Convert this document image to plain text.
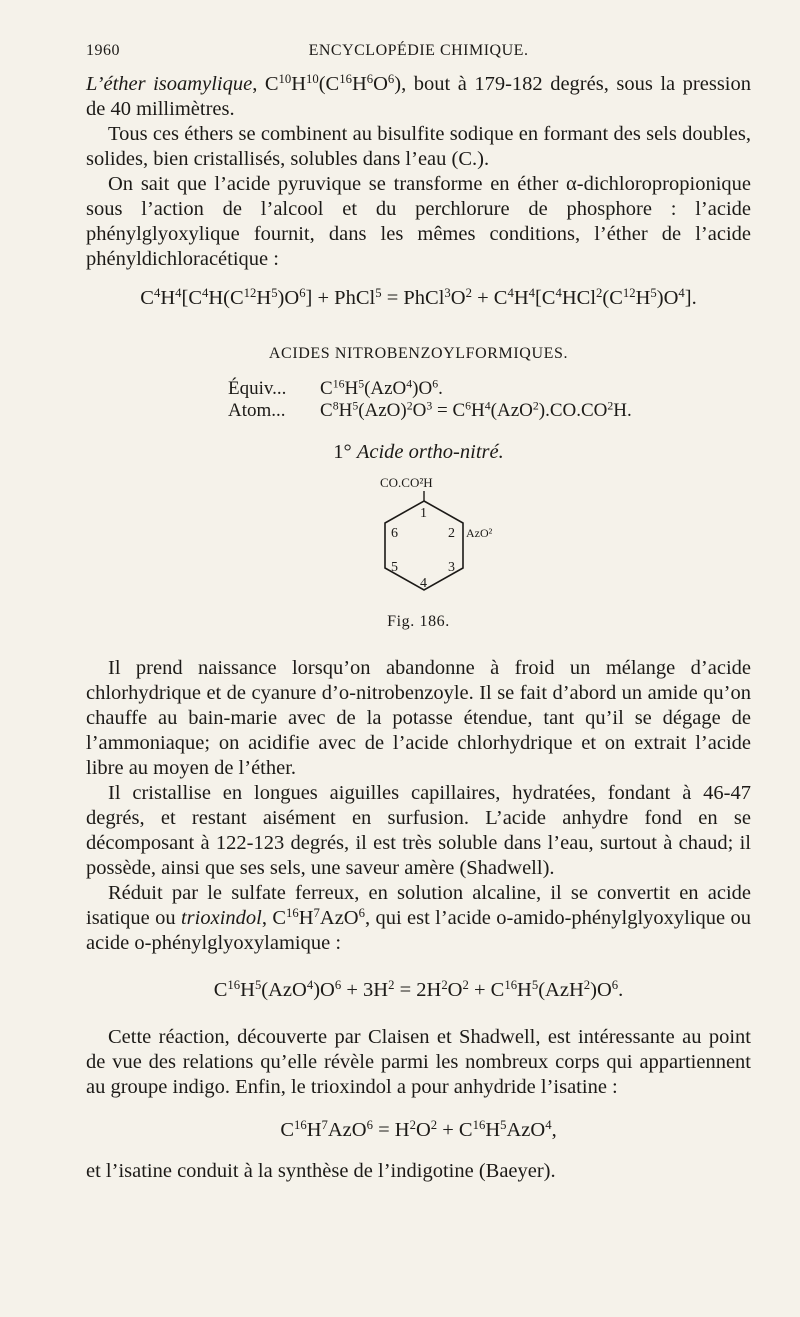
1960	ENCYCLOPÉDIE CHIMIQUE.

L’éther isoamylique, $C^{10}H^{10}(C^{16}H^6O^6)$, bout à 179-182 degrés, sous la pression de 40 millimètres.

Tous ces éthers se combinent au bisulfite sodique en formant des sels doubles, solides, bien cristallisés, solubles dans l’eau (C.).

On sait que l’acide pyruvique se transforme en éther α-dichloropropionique sous l’action de l’alcool et du perchlorure de phosphore : l’acide phénylglyoxylique fournit, dans les mêmes conditions, l’éther de l’acide phényldichloracétique :

$C^4H^4[C^4H(C^{12}H^5)O^6]$ + PhCl$^5$ = $PhCl^3O^2 + C^4H^4[C^4HCl^2(C^{12}H^5)O^4]$.

ACIDES NITROBENZOYLFORMIQUES.

Équiv... $C^{16}H^5(AzO^4)O^6$.
Atom... $C^8H^5(AzO)^2O^3 = C^6H^4(AzO^2).CO.CO^2H$.

1° Acide ortho-nitré.

CO.CO²H
1
2
3
4
5
6	AzO²
Fig. 186.

Il prend naissance lorsqu’on abandonne à froid un mélange d’acide chlorhydrique et de cyanure d’o-nitrobenzoyle. Il se fait d’abord un amide qu’on chauffe au bain-marie avec de la potasse étendue, tant qu’il se dégage de l’ammoniaque; on acidifie avec de l’acide chlorhydrique et on extrait l’acide libre au moyen de l’éther.

Il cristallise en longues aiguilles capillaires, hydratées, fondant à 46-47 degrés, et restant aisément en surfusion. L’acide anhydre fond en se décomposant à 122-123 degrés, il est très soluble dans l’eau, surtout à chaud; il possède, ainsi que ses sels, une saveur amère (Shadwell).

Réduit par le sulfate ferreux, en solution alcaline, il se convertit en acide isatique ou trioxindol, $C^{16}H^7AzO^6$, qui est l’acide o-amido-phénylglyoxylique ou acide o-phénylglyoxylamique :

$C^{16}H^5(AzO^4)O^6 + 3H^2 = 2H^2O^2 + C^{16}H^5(AzH^2)O^6$.

Cette réaction, découverte par Claisen et Shadwell, est intéressante au point de vue des relations qu’elle révèle parmi les nombreux corps qui appartiennent au groupe indigo. Enfin, le trioxindol a pour anhydride l’isatine :

$C^{16}H^7AzO^6 = H^2O^2 + C^{16}H^5AzO^4$,

et l’isatine conduit à la synthèse de l’indigotine (Baeyer).
